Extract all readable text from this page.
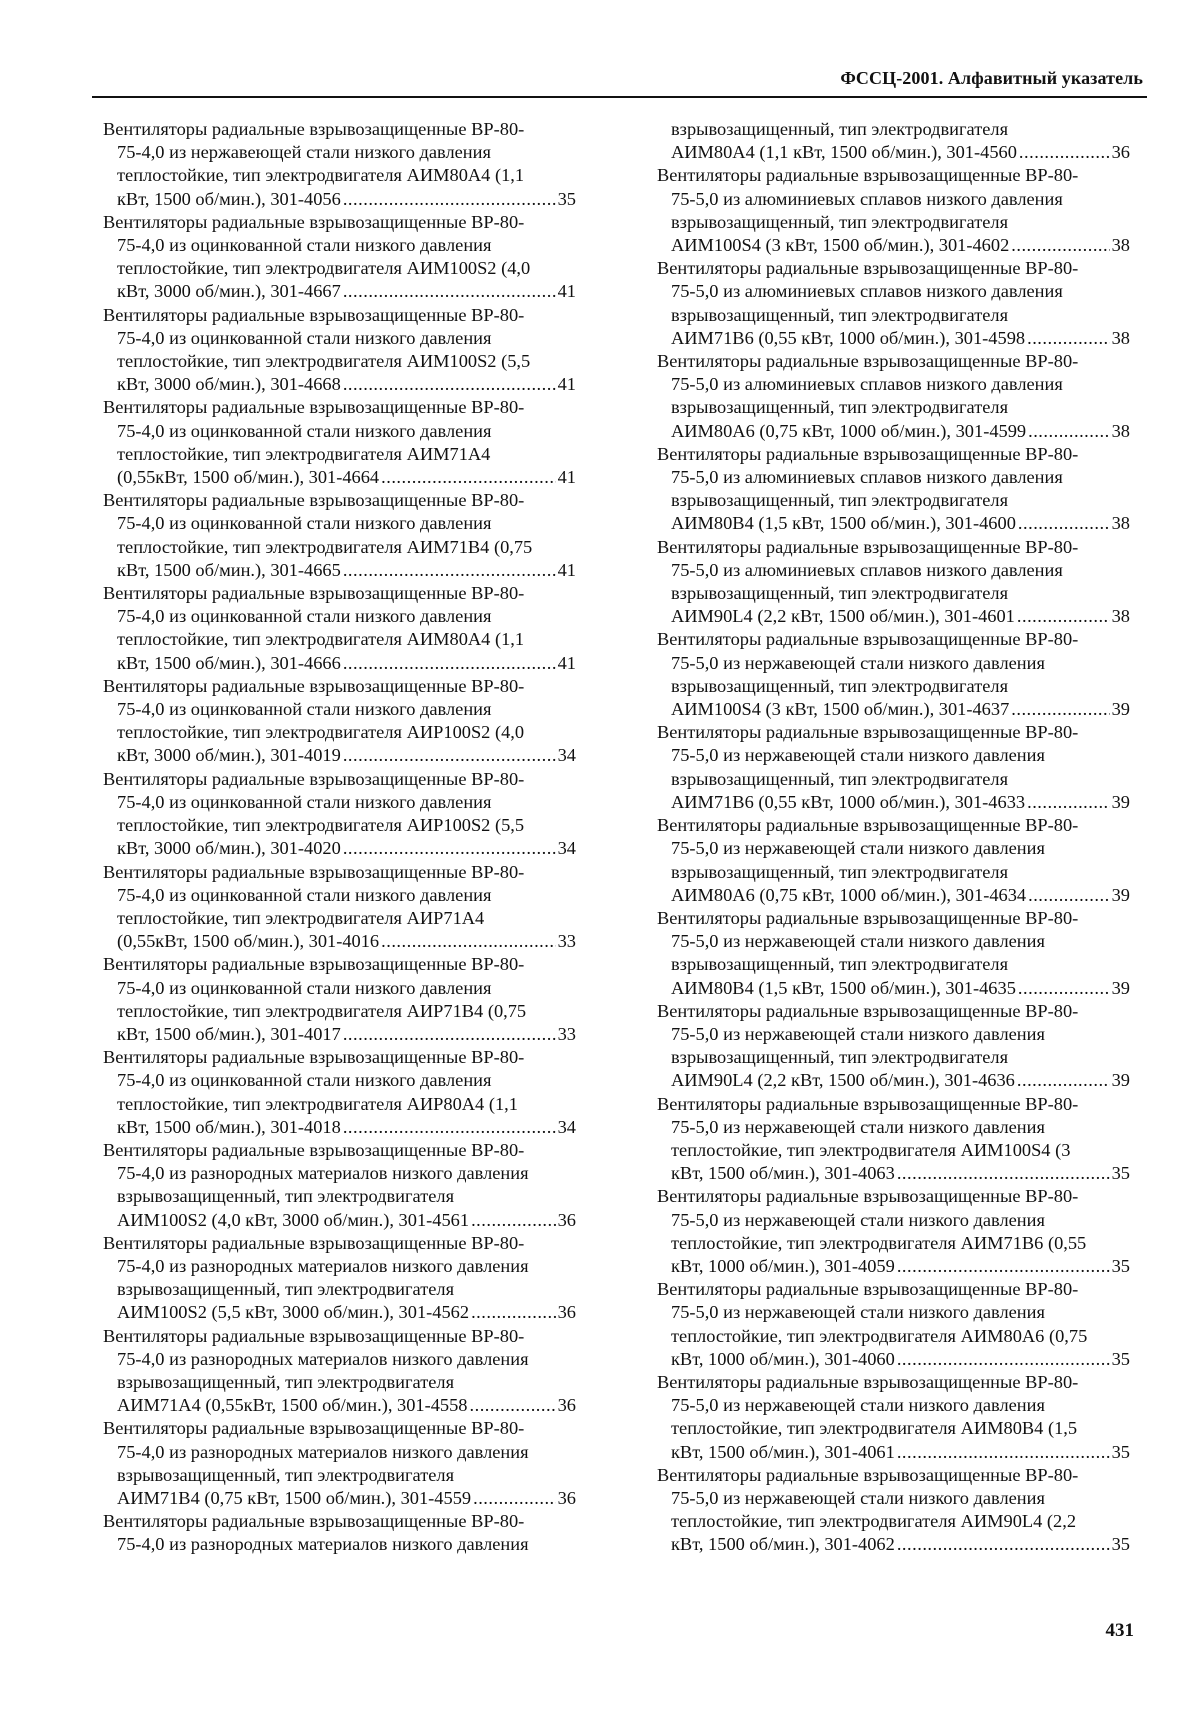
ФССЦ-2001. Алфавитный указатель
Вентиляторы радиальные взрывозащищенные ВР-80-
75-4,0 из нержавеющей стали низкого давления
теплостойкие, тип электродвигателя АИМ80А4 (1,1
кВт, 1500 об/мин.), 301-4056 .....	35
Вентиляторы радиальные взрывозащищенные ВР-80-
75-4,0 из оцинкованной стали низкого давления
теплостойкие, тип электродвигателя АИМ100S2 (4,0
кВт, 3000 об/мин.), 301-4667 .....	41
Вентиляторы радиальные взрывозащищенные ВР-80-
75-4,0 из оцинкованной стали низкого давления
теплостойкие, тип электродвигателя АИМ100S2 (5,5
кВт, 3000 об/мин.), 301-4668 .....	41
Вентиляторы радиальные взрывозащищенные ВР-80-
75-4,0 из оцинкованной стали низкого давления
теплостойкие, тип электродвигателя АИМ71А4
(0,55кВт, 1500 об/мин.), 301-4664 .....	41
Вентиляторы радиальные взрывозащищенные ВР-80-
75-4,0 из оцинкованной стали низкого давления
теплостойкие, тип электродвигателя АИМ71В4 (0,75
кВт, 1500 об/мин.), 301-4665 .....	41
Вентиляторы радиальные взрывозащищенные ВР-80-
75-4,0 из оцинкованной стали низкого давления
теплостойкие, тип электродвигателя АИМ80А4 (1,1
кВт, 1500 об/мин.), 301-4666 .....	41
Вентиляторы радиальные взрывозащищенные ВР-80-
75-4,0 из оцинкованной стали низкого давления
теплостойкие, тип электродвигателя АИР100S2 (4,0
кВт, 3000 об/мин.), 301-4019 .....	34
Вентиляторы радиальные взрывозащищенные ВР-80-
75-4,0 из оцинкованной стали низкого давления
теплостойкие, тип электродвигателя АИР100S2 (5,5
кВт, 3000 об/мин.), 301-4020 .....	34
Вентиляторы радиальные взрывозащищенные ВР-80-
75-4,0 из оцинкованной стали низкого давления
теплостойкие, тип электродвигателя АИР71А4
(0,55кВт, 1500 об/мин.), 301-4016 .....	33
Вентиляторы радиальные взрывозащищенные ВР-80-
75-4,0 из оцинкованной стали низкого давления
теплостойкие, тип электродвигателя АИР71В4 (0,75
кВт, 1500 об/мин.), 301-4017 .....	33
Вентиляторы радиальные взрывозащищенные ВР-80-
75-4,0 из оцинкованной стали низкого давления
теплостойкие, тип электродвигателя АИР80А4 (1,1
кВт, 1500 об/мин.), 301-4018 .....	34
Вентиляторы радиальные взрывозащищенные ВР-80-
75-4,0 из разнородных материалов низкого давления
взрывозащищенный, тип электродвигателя
АИМ100S2 (4,0 кВт, 3000 об/мин.), 301-4561 .....	36
Вентиляторы радиальные взрывозащищенные ВР-80-
75-4,0 из разнородных материалов низкого давления
взрывозащищенный, тип электродвигателя
АИМ100S2 (5,5 кВт, 3000 об/мин.), 301-4562 .....	36
Вентиляторы радиальные взрывозащищенные ВР-80-
75-4,0 из разнородных материалов низкого давления
взрывозащищенный, тип электродвигателя
АИМ71А4 (0,55кВт, 1500 об/мин.), 301-4558 .....	36
Вентиляторы радиальные взрывозащищенные ВР-80-
75-4,0 из разнородных материалов низкого давления
взрывозащищенный, тип электродвигателя
АИМ71В4 (0,75 кВт, 1500 об/мин.), 301-4559 .....	36
Вентиляторы радиальные взрывозащищенные ВР-80-
75-4,0 из разнородных материалов низкого давления
взрывозащищенный, тип электродвигателя
АИМ80А4 (1,1 кВт, 1500 об/мин.), 301-4560 .....	36
Вентиляторы радиальные взрывозащищенные ВР-80-
75-5,0 из алюминиевых сплавов низкого давления
взрывозащищенный, тип электродвигателя
АИМ100S4 (3 кВт, 1500 об/мин.), 301-4602 .....	38
Вентиляторы радиальные взрывозащищенные ВР-80-
75-5,0 из алюминиевых сплавов низкого давления
взрывозащищенный, тип электродвигателя
АИМ71В6 (0,55 кВт, 1000 об/мин.), 301-4598 .....	38
Вентиляторы радиальные взрывозащищенные ВР-80-
75-5,0 из алюминиевых сплавов низкого давления
взрывозащищенный, тип электродвигателя
АИМ80А6 (0,75 кВт, 1000 об/мин.), 301-4599 .....	38
Вентиляторы радиальные взрывозащищенные ВР-80-
75-5,0 из алюминиевых сплавов низкого давления
взрывозащищенный, тип электродвигателя
АИМ80В4 (1,5 кВт, 1500 об/мин.), 301-4600 .....	38
Вентиляторы радиальные взрывозащищенные ВР-80-
75-5,0 из алюминиевых сплавов низкого давления
взрывозащищенный, тип электродвигателя
АИМ90L4 (2,2 кВт, 1500 об/мин.), 301-4601 .....	38
Вентиляторы радиальные взрывозащищенные ВР-80-
75-5,0 из нержавеющей стали низкого давления
взрывозащищенный, тип электродвигателя
АИМ100S4 (3 кВт, 1500 об/мин.), 301-4637 .....	39
Вентиляторы радиальные взрывозащищенные ВР-80-
75-5,0 из нержавеющей стали низкого давления
взрывозащищенный, тип электродвигателя
АИМ71В6 (0,55 кВт, 1000 об/мин.), 301-4633 .....	39
Вентиляторы радиальные взрывозащищенные ВР-80-
75-5,0 из нержавеющей стали низкого давления
взрывозащищенный, тип электродвигателя
АИМ80А6 (0,75 кВт, 1000 об/мин.), 301-4634 .....	39
Вентиляторы радиальные взрывозащищенные ВР-80-
75-5,0 из нержавеющей стали низкого давления
взрывозащищенный, тип электродвигателя
АИМ80В4 (1,5 кВт, 1500 об/мин.), 301-4635 .....	39
Вентиляторы радиальные взрывозащищенные ВР-80-
75-5,0 из нержавеющей стали низкого давления
взрывозащищенный, тип электродвигателя
АИМ90L4 (2,2 кВт, 1500 об/мин.), 301-4636 .....	39
Вентиляторы радиальные взрывозащищенные ВР-80-
75-5,0 из нержавеющей стали низкого давления
теплостойкие, тип электродвигателя АИМ100S4 (3
кВт, 1500 об/мин.), 301-4063 .....	35
Вентиляторы радиальные взрывозащищенные ВР-80-
75-5,0 из нержавеющей стали низкого давления
теплостойкие, тип электродвигателя АИМ71В6 (0,55
кВт, 1000 об/мин.), 301-4059 .....	35
Вентиляторы радиальные взрывозащищенные ВР-80-
75-5,0 из нержавеющей стали низкого давления
теплостойкие, тип электродвигателя АИМ80А6 (0,75
кВт, 1000 об/мин.), 301-4060 .....	35
Вентиляторы радиальные взрывозащищенные ВР-80-
75-5,0 из нержавеющей стали низкого давления
теплостойкие, тип электродвигателя АИМ80В4 (1,5
кВт, 1500 об/мин.), 301-4061 .....	35
Вентиляторы радиальные взрывозащищенные ВР-80-
75-5,0 из нержавеющей стали низкого давления
теплостойкие, тип электродвигателя АИМ90L4 (2,2
кВт, 1500 об/мин.), 301-4062 .....	35
431
